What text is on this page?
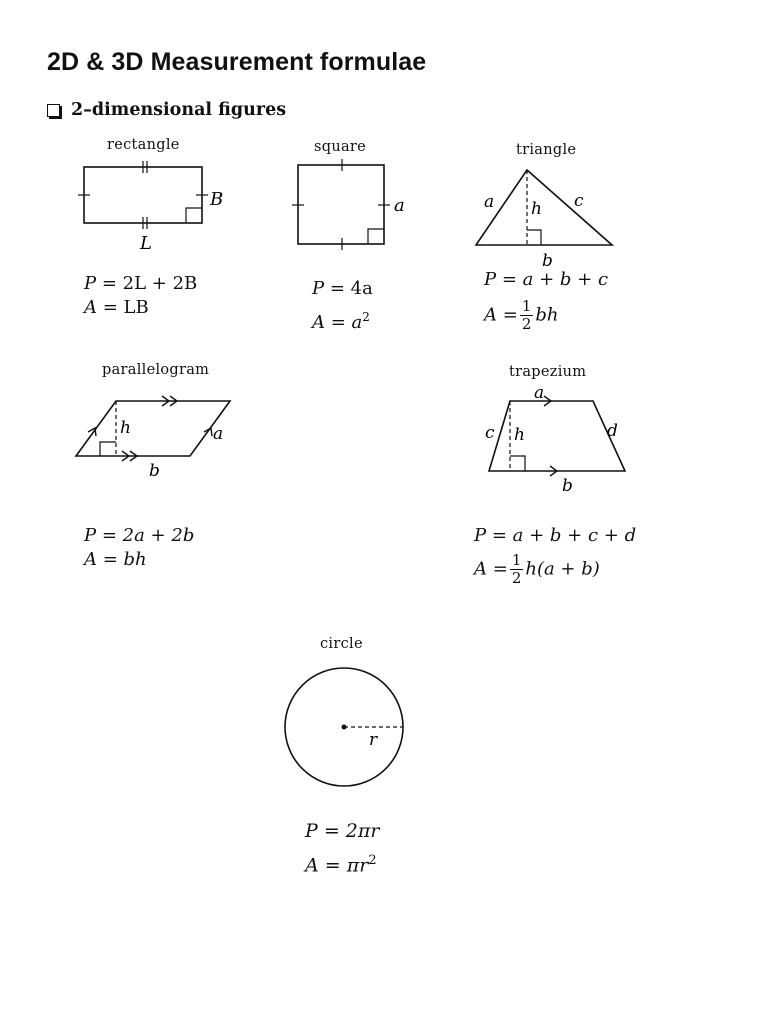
2D & 3D Measurement formulae
2–dimensional figures
rectangle
B
L
P = 2L + 2B
A = LB
square
a
P = 4a
$A = a^2$
triangle
a h c
b
P = a + b + c
$A = \frac{1}{2}$ bh
parallelogram
h	a
b
P = 2a + 2b
A = bh
trapezium
a
c h	d
b
P = a + b + c + d
$A = \frac{1}{2} h(a + b)$
circle
r
P = 2πr
$A = \pi r^2$
